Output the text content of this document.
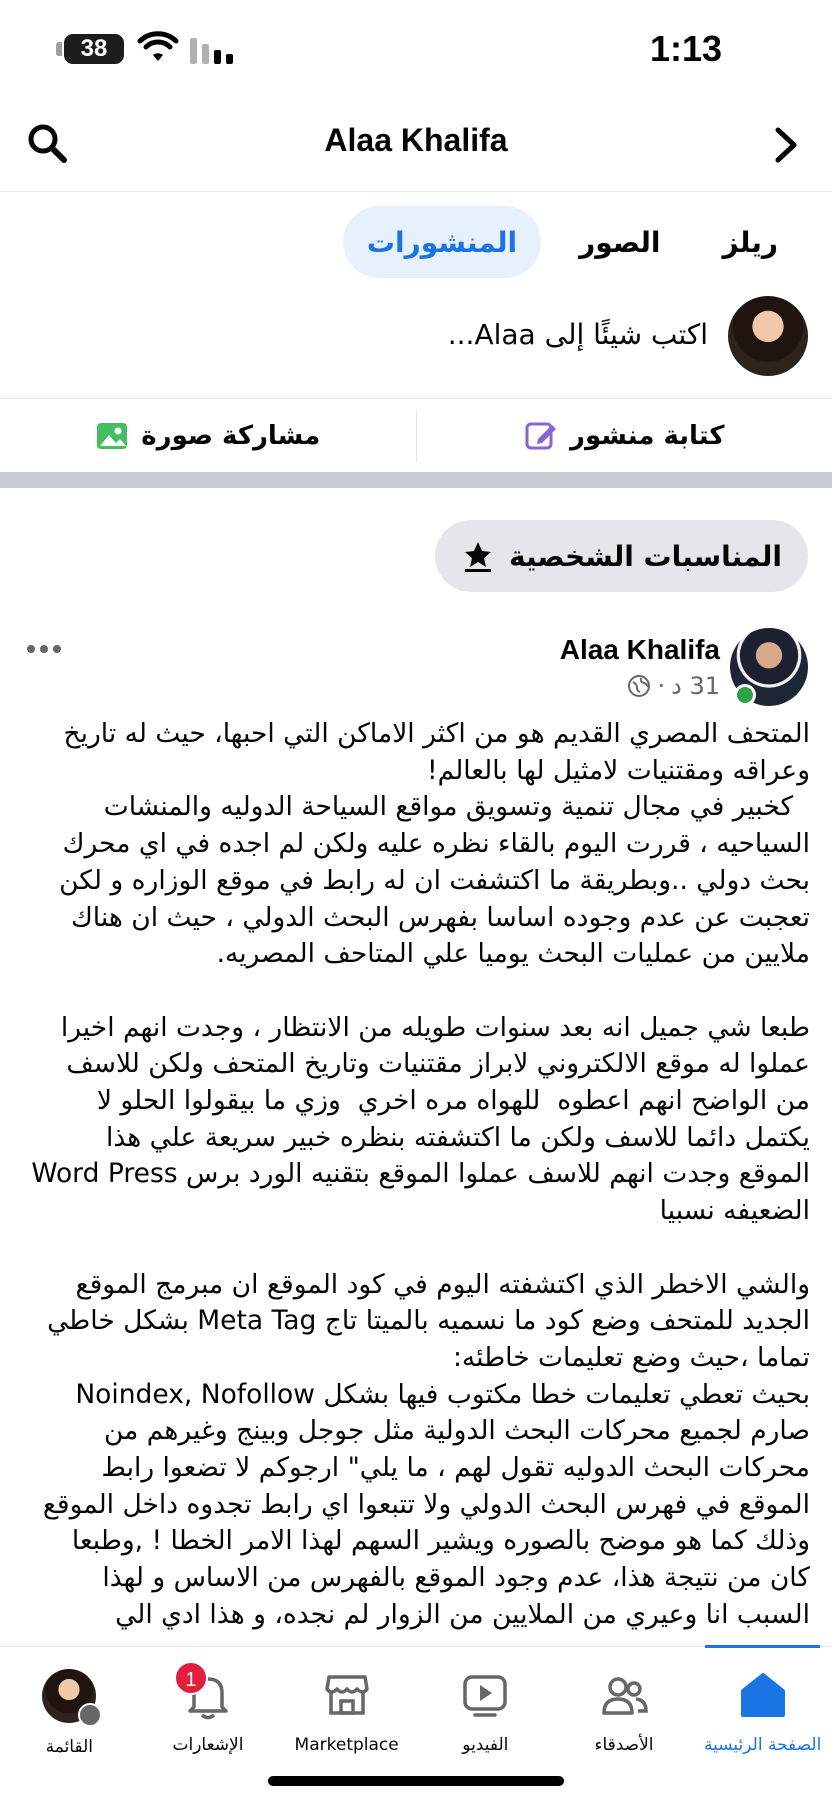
38	1:13
Alaa Khalifa
المنشورات	الصور	ريلز
اكتب شيئًا إلى Alaa...
كتابة منشور
مشاركة صورة
المناسبات الشخصية
Alaa Khalifa
31 د
·
المتحف المصري القديم هو من اكثر الاماكن التي احبها، حيث له تاريخ وعراقه ومقتنيات لامثيل لها بالعالم!
كخبير في مجال تنمية وتسويق مواقع السياحة الدوليه والمنشات السياحيه ، قررت اليوم بالقاء نظره عليه ولكن لم اجده في اي محرك بحث دولي ..وبطريقة ما اكتشفت ان له رابط في موقع الوزاره و لكن تعجبت عن عدم وجوده اساسا بفهرس البحث الدولي ، حيث ان هناك ملايين من عمليات البحث يوميا علي المتاحف المصريه.

طبعا شي جميل انه بعد سنوات طويله من الانتظار ، وجدت انهم اخيرا عملوا له موقع الالكتروني لابراز مقتنيات وتاريخ المتحف ولكن للاسف من الواضح انهم اعطوه  للهواه مره اخري  وزي ما بيقولوا الحلو لا يكتمل دائما للاسف ولكن ما اكتشفته بنظره خبير سريعة علي هذا الموقع وجدت انهم للاسف عملوا الموقع بتقنيه الورد برس Word Press الضعيفه نسبيا

والشي الاخطر الذي اكتشفته اليوم في كود الموقع ان مبرمج الموقع الجديد للمتحف وضع كود ما نسميه بالميتا تاج Meta Tag بشكل خاطي تماما ،حيث وضع تعليمات خاطئه:
بحيث تعطي تعليمات خطا مكتوب فيها بشكل Noindex, Nofollow صارم لجميع محركات البحث الدولية مثل جوجل وبينج وغيرهم من محركات البحث الدوليه تقول لهم ، ما يلي" ارجوكم لا تضعوا رابط الموقع في فهرس البحث الدولي ولا تتبعوا اي رابط تجدوه داخل الموقع وذلك كما هو موضح بالصوره ويشير السهم لهذا الامر الخطا ! ,وطبعا كان من نتيجة هذا، عدم وجود الموقع بالفهرس من الاساس و لهذا السبب انا وعيري من الملايين من الزوار لم نجده، و هذا ادي الي
الصفحة الرئيسية
الأصدقاء
الفيديو
Marketplace
1
الإشعارات
القائمة
